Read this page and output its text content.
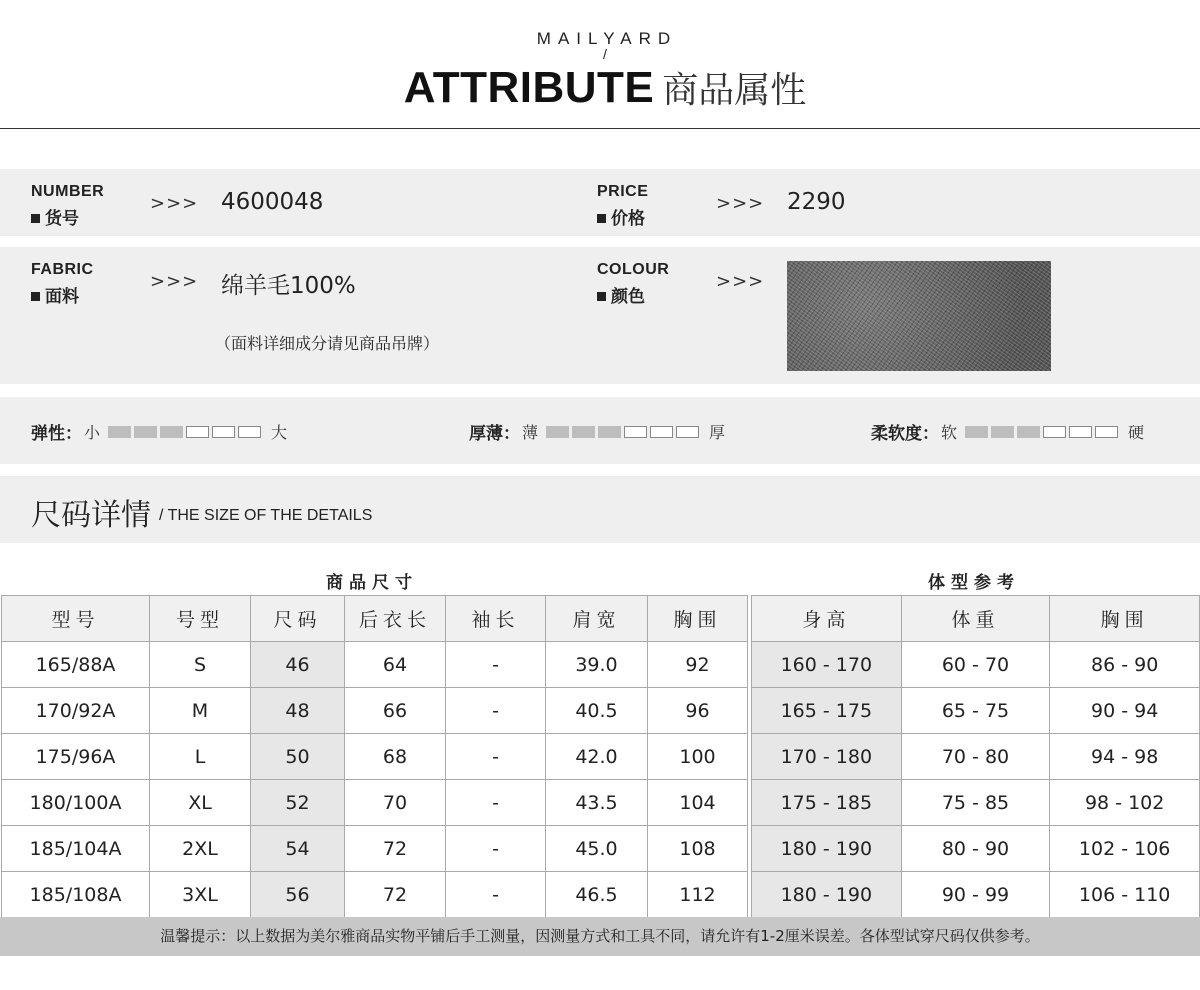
MAILYARD
/
ATTRIBUTE 商品属性
NUMBER
货号
>>> 4600048	PRICE
价格
>>> 2290
FABRIC
面料
>>> 绵羊毛100%
（面料详细成分请见商品吊牌）
COLOUR
颜色
>>>
弹性： 小	大	厚薄： 薄	厚	柔软度： 软	硬
尺码详情 / THE SIZE OF THE DETAILS
商品尺寸	体型参考
型号	号型	尺码	后衣长	袖长	肩宽	胸围
165/88A	S	46	64	-	39.0	92
170/92A	M	48	66	-	40.5	96
175/96A	L	50	68	-	42.0	100
180/100A	XL	52	70	-	43.5	104
185/104A	2XL	54	72	-	45.0	108
185/108A	3XL	56	72	-	46.5	112
身高	体重	胸围
160 - 170	60 - 70	86 - 90
165 - 175	65 - 75	90 - 94
170 - 180	70 - 80	94 - 98
175 - 185	75 - 85	98 - 102
180 - 190	80 - 90	102 - 106
180 - 190	90 - 99	106 - 110
温馨提示：以上数据为美尔雅商品实物平铺后手工测量，因测量方式和工具不同，请允许有1-2厘米误差。各体型试穿尺码仅供参考。
